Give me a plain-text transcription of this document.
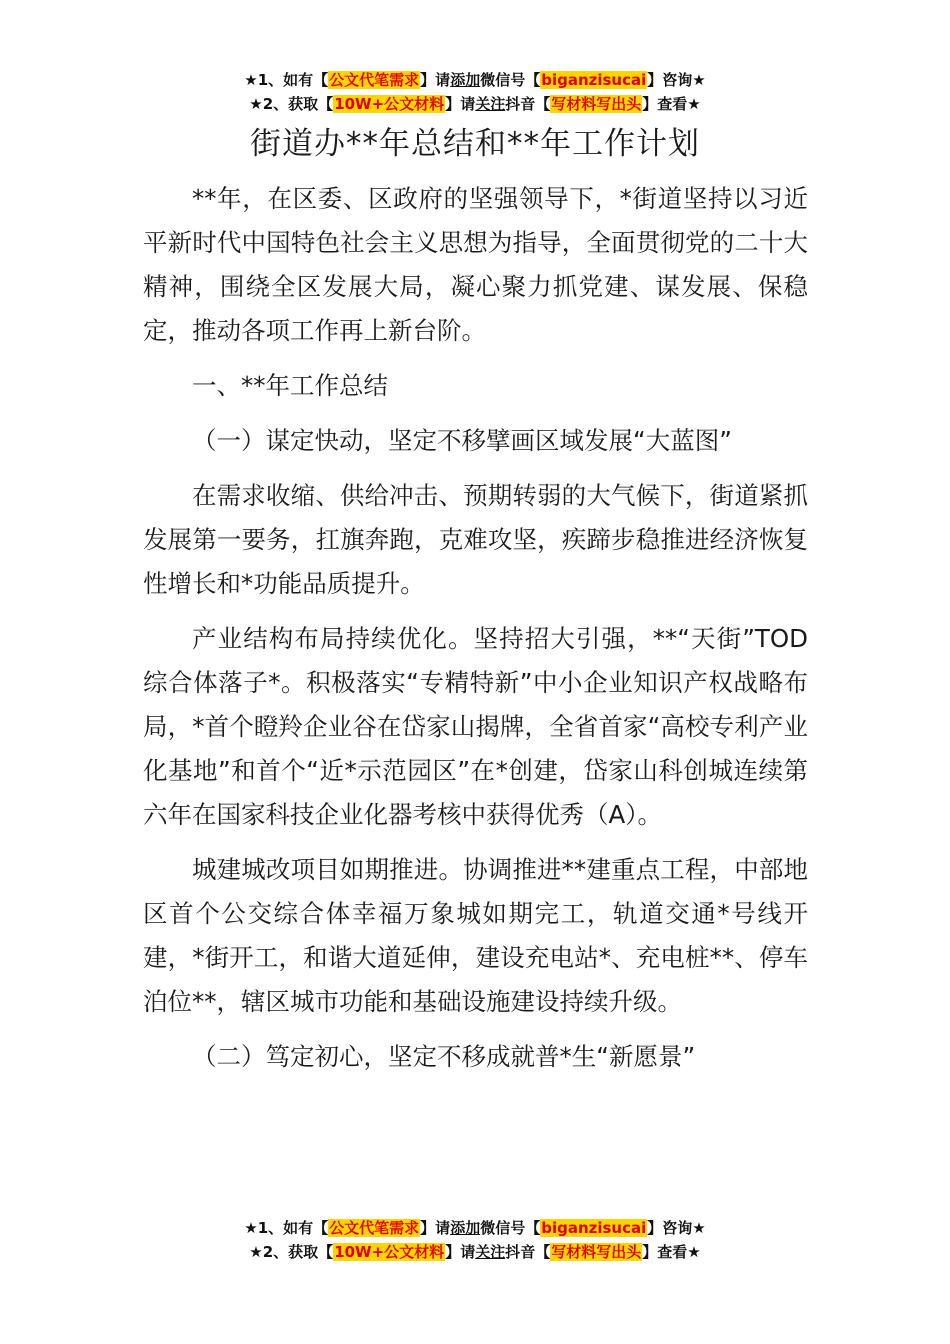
★1、如有【公文代笔需求】请添加微信号【biganzisucai】咨询★
★2、获取【10W+公文材料】请关注抖音【写材料写出头】查看★
街道办**年总结和**年工作计划

**年，在区委、区政府的坚强领导下，*街道坚持以习近平新时代中国特色社会主义思想为指导，全面贯彻党的二十大精神，围绕全区发展大局，凝心聚力抓党建、谋发展、保稳定，推动各项工作再上新台阶。

一、**年工作总结

（一）谋定快动，坚定不移擘画区域发展“大蓝图”

在需求收缩、供给冲击、预期转弱的大气候下，街道紧抓发展第一要务，扛旗奔跑，克难攻坚，疾蹄步稳推进经济恢复性增长和*功能品质提升。

产业结构布局持续优化。坚持招大引强，**“天街”TOD综合体落子*。积极落实“专精特新”中小企业知识产权战略布局，*首个瞪羚企业谷在岱家山揭牌，全省首家“高校专利产业化基地”和首个“近*示范园区”在*创建，岱家山科创城连续第六年在国家科技企业化器考核中获得优秀（A）。

城建城改项目如期推进。协调推进**建重点工程，中部地区首个公交综合体幸福万象城如期完工，轨道交通*号线开建，*街开工，和谐大道延伸，建设充电站*、充电桩**、停车泊位**，辖区城市功能和基础设施建设持续升级。

（二）笃定初心，坚定不移成就普*生“新愿景”

★1、如有【公文代笔需求】请添加微信号【biganzisucai】咨询★
★2、获取【10W+公文材料】请关注抖音【写材料写出头】查看★
